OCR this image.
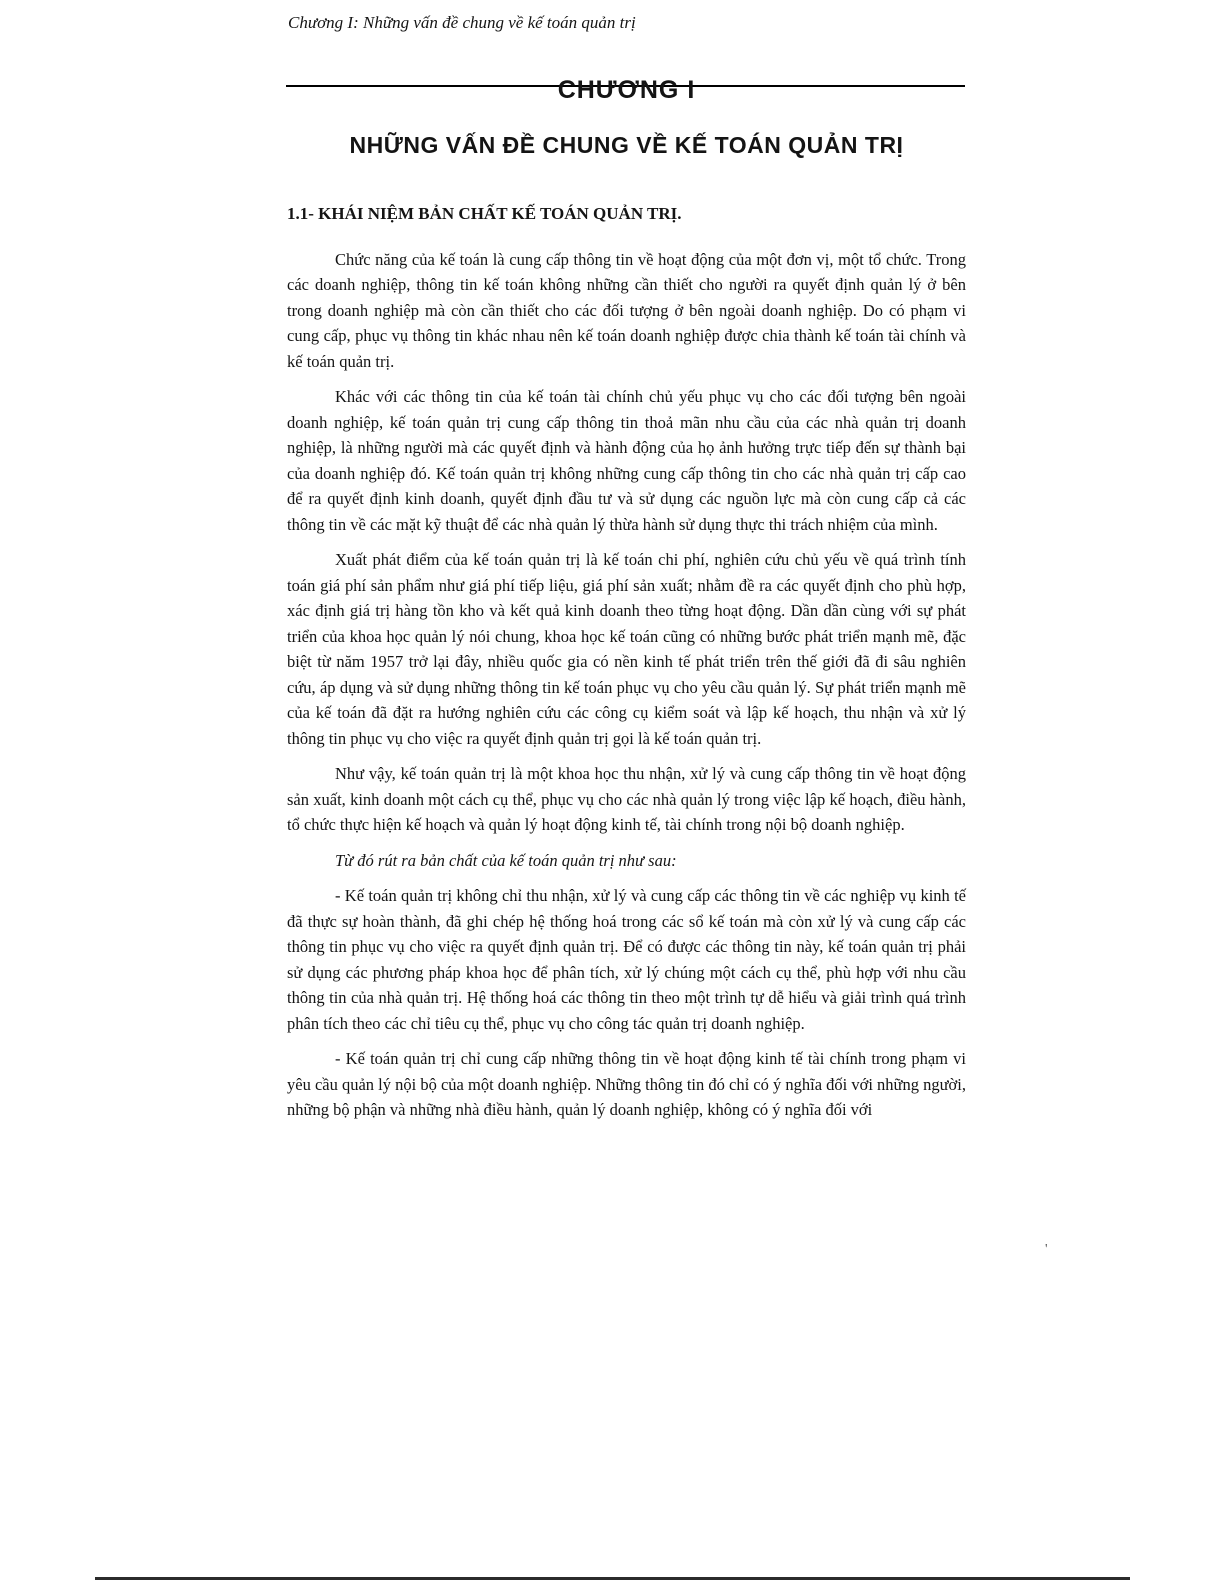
Chương I: Những vấn đề chung về kế toán quản trị
CHƯƠNG I
NHỮNG VẤN ĐỀ CHUNG VỀ KẾ TOÁN QUẢN TRỊ
1.1- KHÁI NIỆM BẢN CHẤT KẾ TOÁN QUẢN TRỊ.

Chức năng của kế toán là cung cấp thông tin về hoạt động của một đơn vị, một tổ chức. Trong các doanh nghiệp, thông tin kế toán không những cần thiết cho người ra quyết định quản lý ở bên trong doanh nghiệp mà còn cần thiết cho các đối tượng ở bên ngoài doanh nghiệp. Do có phạm vi cung cấp, phục vụ thông tin khác nhau nên kế toán doanh nghiệp được chia thành kế toán tài chính và kế toán quản trị.

Khác với các thông tin của kế toán tài chính chủ yếu phục vụ cho các đối tượng bên ngoài doanh nghiệp, kế toán quản trị cung cấp thông tin thoả mãn nhu cầu của các nhà quản trị doanh nghiệp, là những người mà các quyết định và hành động của họ ảnh hưởng trực tiếp đến sự thành bại của doanh nghiệp đó. Kế toán quản trị không những cung cấp thông tin cho các nhà quản trị cấp cao để ra quyết định kinh doanh, quyết định đầu tư và sử dụng các nguồn lực mà còn cung cấp cả các thông tin về các mặt kỹ thuật để các nhà quản lý thừa hành sử dụng thực thi trách nhiệm của mình.

Xuất phát điểm của kế toán quản trị là kế toán chi phí, nghiên cứu chủ yếu về quá trình tính toán giá phí sản phẩm như giá phí tiếp liệu, giá phí sản xuất; nhằm đề ra các quyết định cho phù hợp, xác định giá trị hàng tồn kho và kết quả kinh doanh theo từng hoạt động. Dần dần cùng với sự phát triển của khoa học quản lý nói chung, khoa học kế toán cũng có những bước phát triển mạnh mẽ, đặc biệt từ năm 1957 trở lại đây, nhiều quốc gia có nền kinh tế phát triển trên thế giới đã đi sâu nghiên cứu, áp dụng và sử dụng những thông tin kế toán phục vụ cho yêu cầu quản lý. Sự phát triển mạnh mẽ của kế toán đã đặt ra hướng nghiên cứu các công cụ kiểm soát và lập kế hoạch, thu nhận và xử lý thông tin phục vụ cho việc ra quyết định quản trị gọi là kế toán quản trị.

Như vậy, kế toán quản trị là một khoa học thu nhận, xử lý và cung cấp thông tin về hoạt động sản xuất, kinh doanh một cách cụ thể, phục vụ cho các nhà quản lý trong việc lập kế hoạch, điều hành, tổ chức thực hiện kế hoạch và quản lý hoạt động kinh tế, tài chính trong nội bộ doanh nghiệp.

Từ đó rút ra bản chất của kế toán quản trị như sau:

- Kế toán quản trị không chỉ thu nhận, xử lý và cung cấp các thông tin về các nghiệp vụ kinh tế đã thực sự hoàn thành, đã ghi chép hệ thống hoá trong các sổ kế toán mà còn xử lý và cung cấp các thông tin phục vụ cho việc ra quyết định quản trị. Để có được các thông tin này, kế toán quản trị phải sử dụng các phương pháp khoa học để phân tích, xử lý chúng một cách cụ thể, phù hợp với nhu cầu thông tin của nhà quản trị. Hệ thống hoá các thông tin theo một trình tự dễ hiểu và giải trình quá trình phân tích theo các chỉ tiêu cụ thể, phục vụ cho công tác quản trị doanh nghiệp.

- Kế toán quản trị chỉ cung cấp những thông tin về hoạt động kinh tế tài chính trong phạm vi yêu cầu quản lý nội bộ của một doanh nghiệp. Những thông tin đó chỉ có ý nghĩa đối với những người, những bộ phận và những nhà điều hành, quản lý doanh nghiệp, không có ý nghĩa đối với

'
